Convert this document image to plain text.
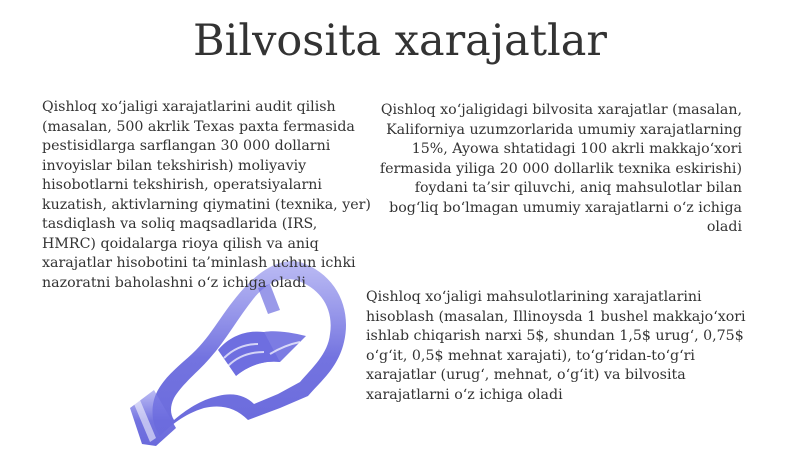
Bilvosita xarajatlar
Qishloq xo‘jaligi xarajatlarini audit qilish (masalan, 500 akrlik Texas paxta fermasida pestisidlarga sarflangan 30 000 dollarni invoyislar bilan tekshirish) moliyaviy hisobotlarni tekshirish, operatsiyalarni kuzatish, aktivlarning qiymatini (texnika, yer) tasdiqlash va soliq maqsadlarida (IRS, HMRC) qoidalarga rioya qilish va aniq xarajatlar hisobotini ta’minlash uchun ichki nazoratni baholashni o‘z ichiga oladi
Qishloq xo‘jaligidagi bilvosita xarajatlar (masalan, Kaliforniya uzumzorlarida umumiy xarajatlarning 15%, Ayowa shtatidagi 100 akrli makkajo‘xori fermasida yiliga 20 000 dollarlik texnika eskirishi) foydani ta’sir qiluvchi, aniq mahsulotlar bilan bog‘liq bo‘lmagan umumiy xarajatlarni o‘z ichiga oladi
Qishloq xo‘jaligi mahsulotlarining xarajatlarini hisoblash (masalan, Illinoysda 1 bushel makkajo‘xori ishlab chiqarish narxi 5$, shundan 1,5$ urug‘, 0,75$ o‘g‘it, 0,5$ mehnat xarajati), to‘g‘ridan-to‘g‘ri xarajatlar (urug‘, mehnat, o‘g‘it) va bilvosita xarajatlarni o‘z ichiga oladi
